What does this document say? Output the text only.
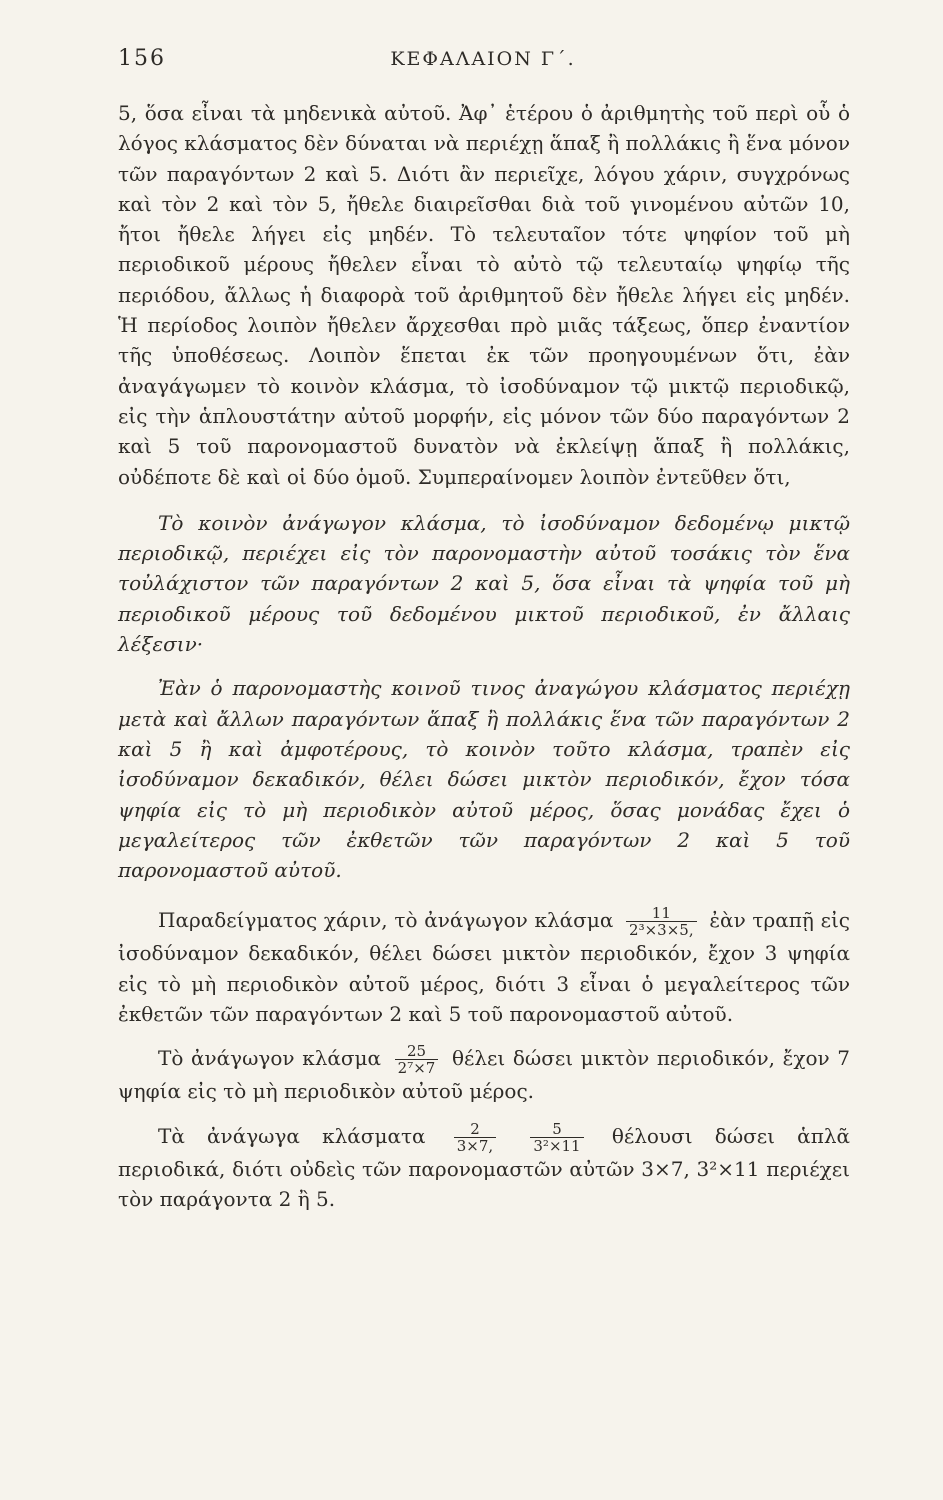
156	ΚΕΦΑΛΑΙΟΝ Γ΄.

5, ὅσα εἶναι τὰ μηδενικὰ αὐτοῦ. Ἀφ᾽ ἑτέρου ὁ ἀριθμητὴς τοῦ περὶ οὗ ὁ λόγος κλάσματος δὲν δύναται νὰ περιέχῃ ἅπαξ ἢ πολλάκις ἢ ἕνα μόνον τῶν παραγόντων 2 καὶ 5. Διότι ἂν περιεῖχε, λόγου χάριν, συγχρόνως καὶ τὸν 2 καὶ τὸν 5, ἤθελε διαιρεῖσθαι διὰ τοῦ γινομένου αὐτῶν 10, ἤτοι ἤθελε λήγει εἰς μηδέν. Τὸ τελευταῖον τότε ψηφίον τοῦ μὴ περιοδικοῦ μέρους ἤθελεν εἶναι τὸ αὐτὸ τῷ τελευταίῳ ψηφίῳ τῆς περιόδου, ἄλλως ἡ διαφορὰ τοῦ ἀριθμητοῦ δὲν ἤθελε λήγει εἰς μηδέν. Ἡ περίοδος λοιπὸν ἤθελεν ἄρχεσθαι πρὸ μιᾶς τάξεως, ὅπερ ἐναντίον τῆς ὑποθέσεως. Λοιπὸν ἕπεται ἐκ τῶν προηγουμένων ὅτι, ἐὰν ἀναγάγωμεν τὸ κοινὸν κλάσμα, τὸ ἰσοδύναμον τῷ μικτῷ περιοδικῷ, εἰς τὴν ἁπλουστάτην αὐτοῦ μορφήν, εἰς μόνον τῶν δύο παραγόντων 2 καὶ 5 τοῦ παρονομαστοῦ δυνατὸν νὰ ἐκλείψῃ ἅπαξ ἢ πολλάκις, οὐδέποτε δὲ καὶ οἱ δύο ὁμοῦ. Συμπεραίνομεν λοιπὸν ἐντεῦθεν ὅτι,

Τὸ κοινὸν ἀνάγωγον κλάσμα, τὸ ἰσοδύναμον δεδομένῳ μικτῷ περιοδικῷ, περιέχει εἰς τὸν παρονομαστὴν αὐτοῦ τοσάκις τὸν ἕνα τοὐλάχιστον τῶν παραγόντων 2 καὶ 5, ὅσα εἶναι τὰ ψηφία τοῦ μὴ περιοδικοῦ μέρους τοῦ δεδομένου μικτοῦ περιοδικοῦ, ἐν ἄλλαις λέξεσιν·

Ἐὰν ὁ παρονομαστὴς κοινοῦ τινος ἀναγώγου κλάσματος περιέχῃ μετὰ καὶ ἄλλων παραγόντων ἅπαξ ἢ πολλάκις ἕνα τῶν παραγόντων 2 καὶ 5 ἢ καὶ ἀμφοτέρους, τὸ κοινὸν τοῦτο κλάσμα, τραπὲν εἰς ἰσοδύναμον δεκαδικόν, θέλει δώσει μικτὸν περιοδικόν, ἔχον τόσα ψηφία εἰς τὸ μὴ περιοδικὸν αὐτοῦ μέρος, ὅσας μονάδας ἔχει ὁ μεγαλείτερος τῶν ἐκθετῶν τῶν παραγόντων 2 καὶ 5 τοῦ παρονομαστοῦ αὐτοῦ.

Παραδείγματος χάριν, τὸ ἀνάγωγον κλάσμα $\frac{11}{\text{2³×3×5,}}$ ἐὰν τραπῇ εἰς ἰσοδύναμον δεκαδικόν, θέλει δώσει μικτὸν περιοδικόν, ἔχον 3 ψηφία εἰς τὸ μὴ περιοδικὸν αὐτοῦ μέρος, διότι 3 εἶναι ὁ μεγαλείτερος τῶν ἐκθετῶν τῶν παραγόντων 2 καὶ 5 τοῦ παρονομαστοῦ αὐτοῦ.

Τὸ ἀνάγωγον κλάσμα $\frac{25}{\text{2⁷×7}}$ θέλει δώσει μικτὸν περιοδικόν, ἔχον 7 ψηφία εἰς τὸ μὴ περιοδικὸν αὐτοῦ μέρος.

Τὰ ἀνάγωγα κλάσματα $\frac{2}{3\times 7,}$
$\frac{5}{\text{3²×11}}$ θέλουσι δώσει ἁπλᾶ περιοδικά, διότι οὐδεὶς τῶν παρονομαστῶν αὐτῶν 3×7, 3²×11 περιέχει τὸν παράγοντα 2 ἢ 5.
